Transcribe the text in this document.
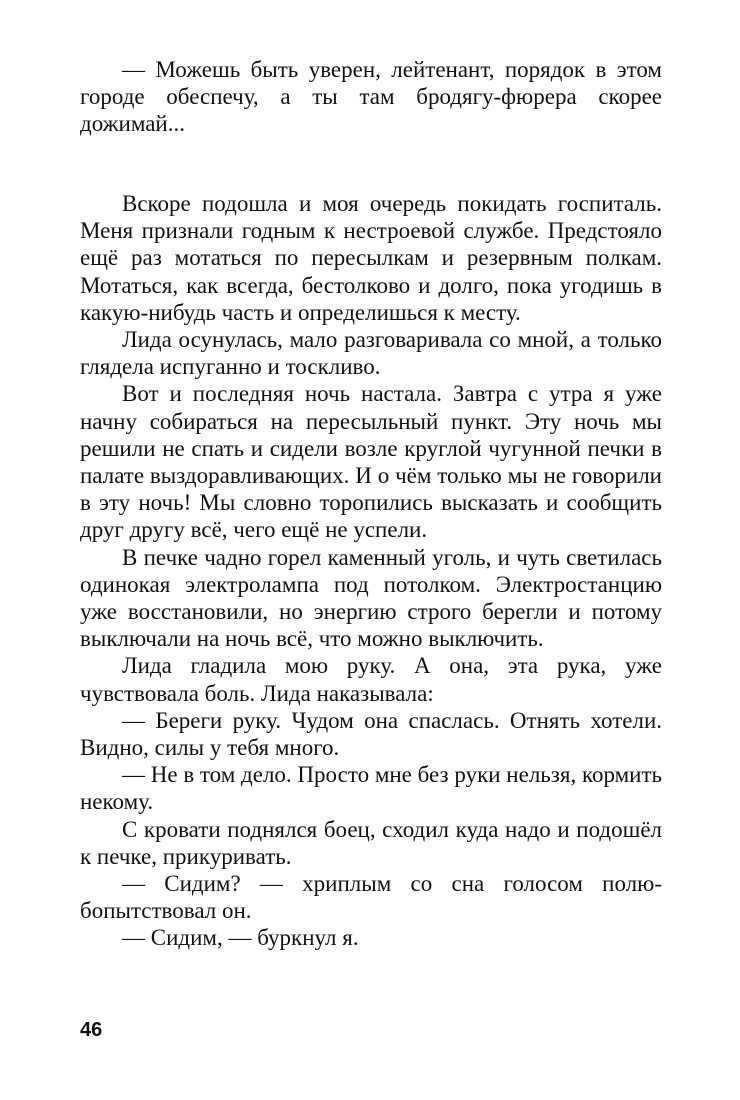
— Можешь быть уверен, лейтенант, порядок в этом городе обеспечу, а ты там бродягу-фюрера скорее дожимай...

Вскоре подошла и моя очередь покидать госпиталь. Меня признали годным к нестроевой службе. Предстояло ещё раз мотаться по пересылкам и резервным полкам. Мотаться, как всегда, бестолково и долго, пока угодишь в какую-нибудь часть и определишься к месту.

Лида осунулась, мало разговаривала со мной, а только глядела испуганно и тоскливо.

Вот и последняя ночь настала. Завтра с утра я уже начну собираться на пересыльный пункт. Эту ночь мы решили не спать и сидели возле круглой чугунной печки в палате выздоравливающих. И о чём только мы не говорили в эту ночь! Мы словно торопились высказать и сообщить друг другу всё, чего ещё не успели.

В печке чадно горел каменный уголь, и чуть светилась одинокая электролампа под потолком. Электростанцию уже восстановили, но энергию строго берегли и потому выключали на ночь всё, что можно выключить.

Лида гладила мою руку. А она, эта рука, уже чувствовала боль. Лида наказывала:

— Береги руку. Чудом она спаслась. Отнять хотели. Видно, силы у тебя много.

— Не в том дело. Просто мне без руки нельзя, кормить некому.

С кровати поднялся боец, сходил куда надо и подошёл к печке, прикуривать.

— Сидим? — хриплым со сна голосом полюбопытствовал он.

— Сидим, — буркнул я.

46
